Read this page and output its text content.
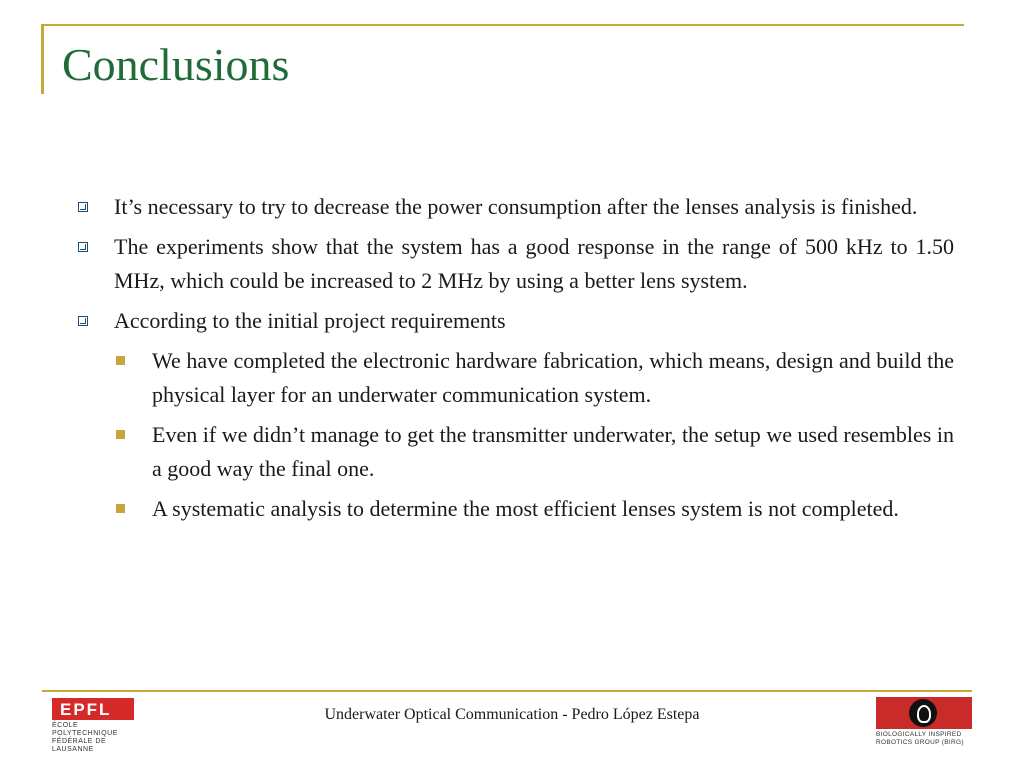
Conclusions
It’s necessary to try to decrease the power consumption after the lenses analysis is finished.
The experiments show that the system has a good response in the range of 500 kHz to 1.50 MHz, which could be increased to 2 MHz by using a better lens system.
According to the initial project requirements
We have completed the electronic hardware fabrication, which means, design and build the physical layer for an underwater communication system.
Even if we didn’t manage to get the transmitter underwater, the setup we used resembles in a good way the final one.
A systematic analysis to determine the most efficient lenses system is not completed.
EPFL
ÉCOLE POLYTECHNIQUE
FÉDÉRALE DE LAUSANNE
Underwater Optical Communication - Pedro López Estepa
BIOLOGICALLY INSPIRED
ROBOTICS GROUP (BIRG)
